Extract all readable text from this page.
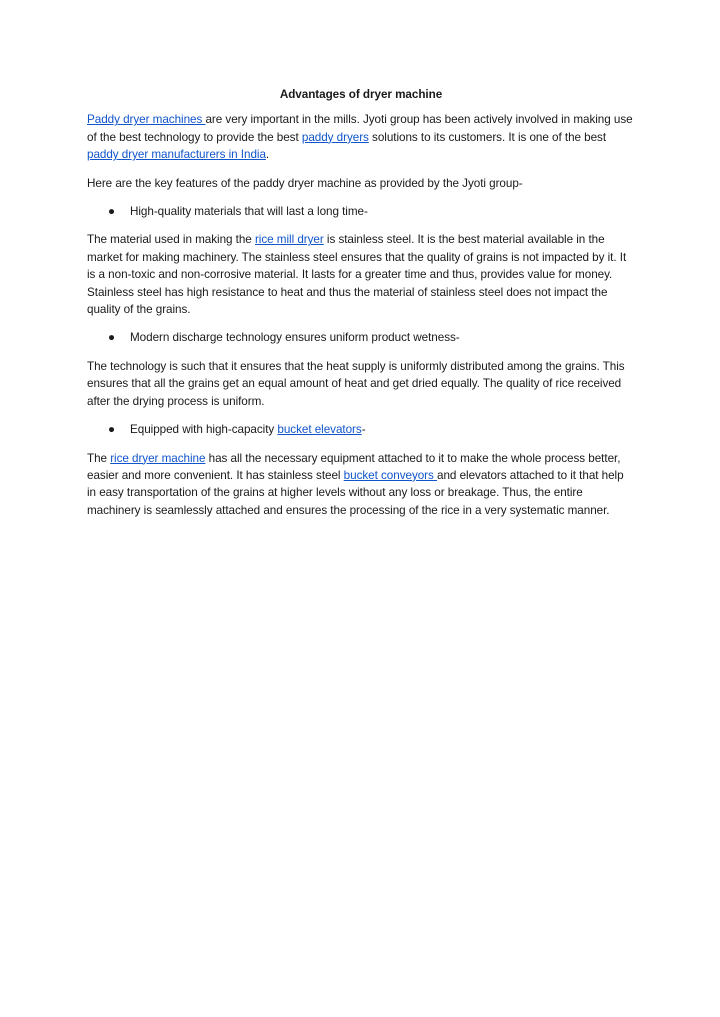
Advantages of dryer machine

Paddy dryer machines are very important in the mills. Jyoti group has been actively involved in making use of the best technology to provide the best paddy dryers solutions to its customers. It is one of the best paddy dryer manufacturers in India.

Here are the key features of the paddy dryer machine as provided by the Jyoti group-

● High-quality materials that will last a long time-

The material used in making the rice mill dryer is stainless steel. It is the best material available in the market for making machinery. The stainless steel ensures that the quality of grains is not impacted by it. It is a non-toxic and non-corrosive material. It lasts for a greater time and thus, provides value for money. Stainless steel has high resistance to heat and thus the material of stainless steel does not impact the quality of the grains.

● Modern discharge technology ensures uniform product wetness-

The technology is such that it ensures that the heat supply is uniformly distributed among the grains. This ensures that all the grains get an equal amount of heat and get dried equally. The quality of rice received after the drying process is uniform.

● Equipped with high-capacity bucket elevators-

The rice dryer machine has all the necessary equipment attached to it to make the whole process better, easier and more convenient. It has stainless steel bucket conveyors and elevators attached to it that help in easy transportation of the grains at higher levels without any loss or breakage. Thus, the entire machinery is seamlessly attached and ensures the processing of the rice in a very systematic manner.
